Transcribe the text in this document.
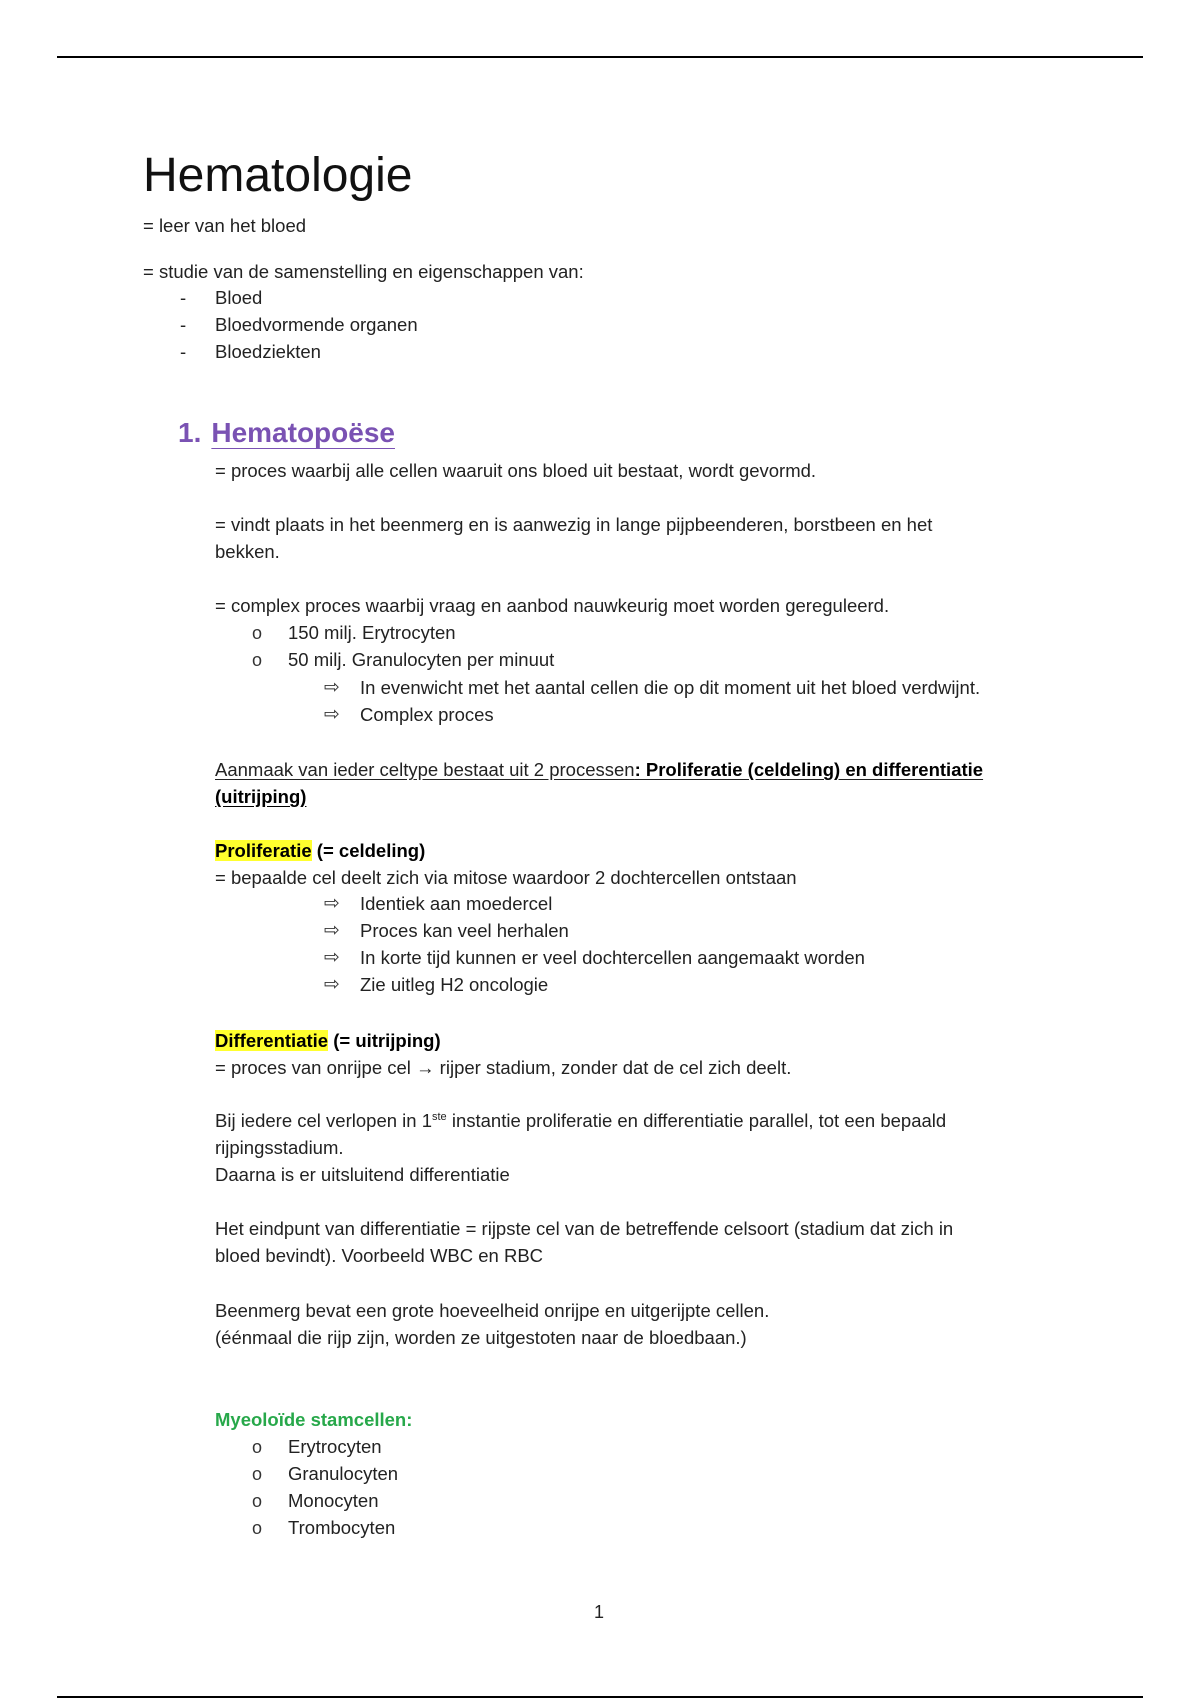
Hematologie

= leer van het bloed

= studie van de samenstelling en eigenschappen van:

-	Bloed
-	Bloedvormende organen
-	Bloedziekten
1. Hematopoëse

= proces waarbij alle cellen waaruit ons bloed uit bestaat, wordt gevormd.

= vindt plaats in het beenmerg en is aanwezig in lange pijpbeenderen, borstbeen en het

bekken.

= complex proces waarbij vraag en aanbod nauwkeurig moet worden gereguleerd.

o 150 milj. Erytrocyten
o 50 milj. Granulocyten per minuut
⇨ In evenwicht met het aantal cellen die op dit moment uit het bloed verdwijnt.
⇨ Complex proces

Aanmaak van ieder celtype bestaat uit 2 processen: Proliferatie (celdeling) en differentiatie

(uitrijping)

Proliferatie (= celdeling)

= bepaalde cel deelt zich via mitose waardoor 2 dochtercellen ontstaan

⇨ Identiek aan moedercel
⇨ Proces kan veel herhalen
⇨ In korte tijd kunnen er veel dochtercellen aangemaakt worden
⇨ Zie uitleg H2 oncologie

Differentiatie (= uitrijping)

= proces van onrijpe cel → rijper stadium, zonder dat de cel zich deelt.

Bij iedere cel verlopen in 1ste instantie proliferatie en differentiatie parallel, tot een bepaald

rijpingsstadium.

Daarna is er uitsluitend differentiatie

Het eindpunt van differentiatie = rijpste cel van de betreffende celsoort (stadium dat zich in

bloed bevindt). Voorbeeld WBC en RBC

Beenmerg bevat een grote hoeveelheid onrijpe en uitgerijpte cellen.

(éénmaal die rijp zijn, worden ze uitgestoten naar de bloedbaan.)

Myeoloïde stamcellen:

o Erytrocyten
o Granulocyten
o Monocyten
o Trombocyten
1
